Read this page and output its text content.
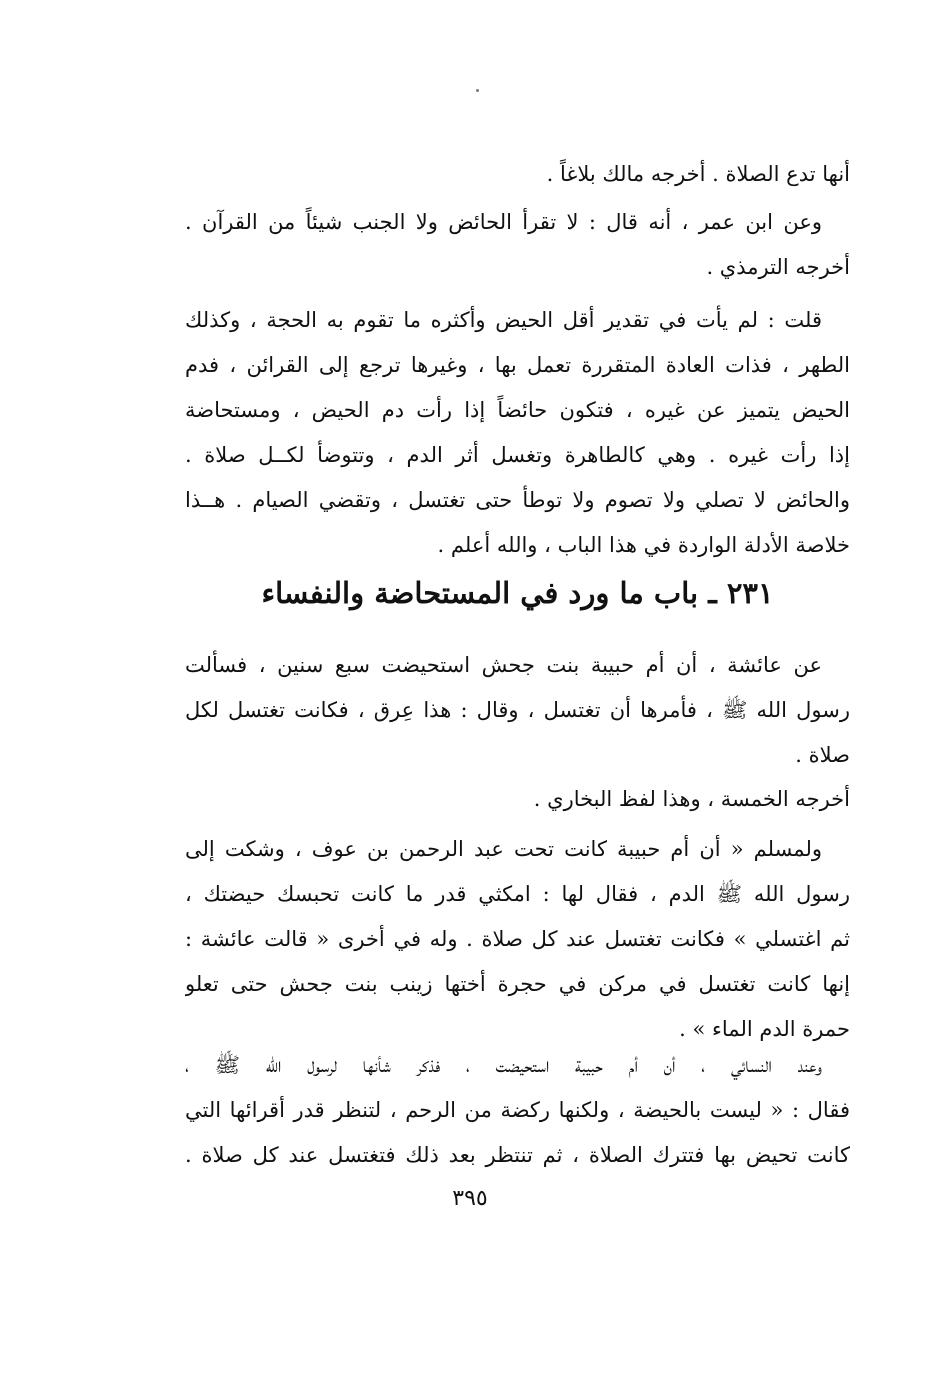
أنها تدع الصلاة . أخرجه مالك بلاغاً .
وعن ابن عمر ، أنه قال : لا تقرأ الحائض ولا الجنب شيئاً من القرآن .
أخرجه الترمذي .
قلت : لم يأت في تقدير أقل الحيض وأكثره ما تقوم به الحجة ، وكذلك
الطهر ، فذات العادة المتقررة تعمل بها ، وغيرها ترجع إلى القرائن ، فدم
الحيض يتميز عن غيره ، فتكون حائضاً إذا رأت دم الحيض ، ومستحاضة
إذا رأت غيره . وهي كالطاهرة وتغسل أثر الدم ، وتتوضأ لكــل صلاة .
والحائض لا تصلي ولا تصوم ولا توطأ حتى تغتسل ، وتقضي الصيام . هــذا
خلاصة الأدلة الواردة في هذا الباب ، والله أعلم .
٢٣١ ـ باب ما ورد في المستحاضة والنفساء
عن عائشة ، أن أم حبيبة بنت جحش استحيضت سبع سنين ، فسألت
رسول الله ﷺ ، فأمرها أن تغتسل ، وقال : هذا عِرق ، فكانت تغتسل لكل
صلاة .
أخرجه الخمسة ، وهذا لفظ البخاري .
ولمسلم « أن أم حبيبة كانت تحت عبد الرحمن بن عوف ، وشكت إلى
رسول الله ﷺ الدم ، فقال لها : امكثي قدر ما كانت تحبسك حيضتك ،
ثم اغتسلي » فكانت تغتسل عند كل صلاة . وله في أخرى « قالت عائشة :
إنها كانت تغتسل في مركن في حجرة أختها زينب بنت جحش حتى تعلو
حمرة الدم الماء » .
وعند النسائي ، أن أم حبيبة استحيضت ، فذكر شأنها لرسول الله ﷺ ،
فقال : « ليست بالحيضة ، ولكنها ركضة من الرحم ، لتنظر قدر أقرائها التي
كانت تحيض بها فتترك الصلاة ، ثم تنتظر بعد ذلك فتغتسل عند كل صلاة .
٣٩٥
